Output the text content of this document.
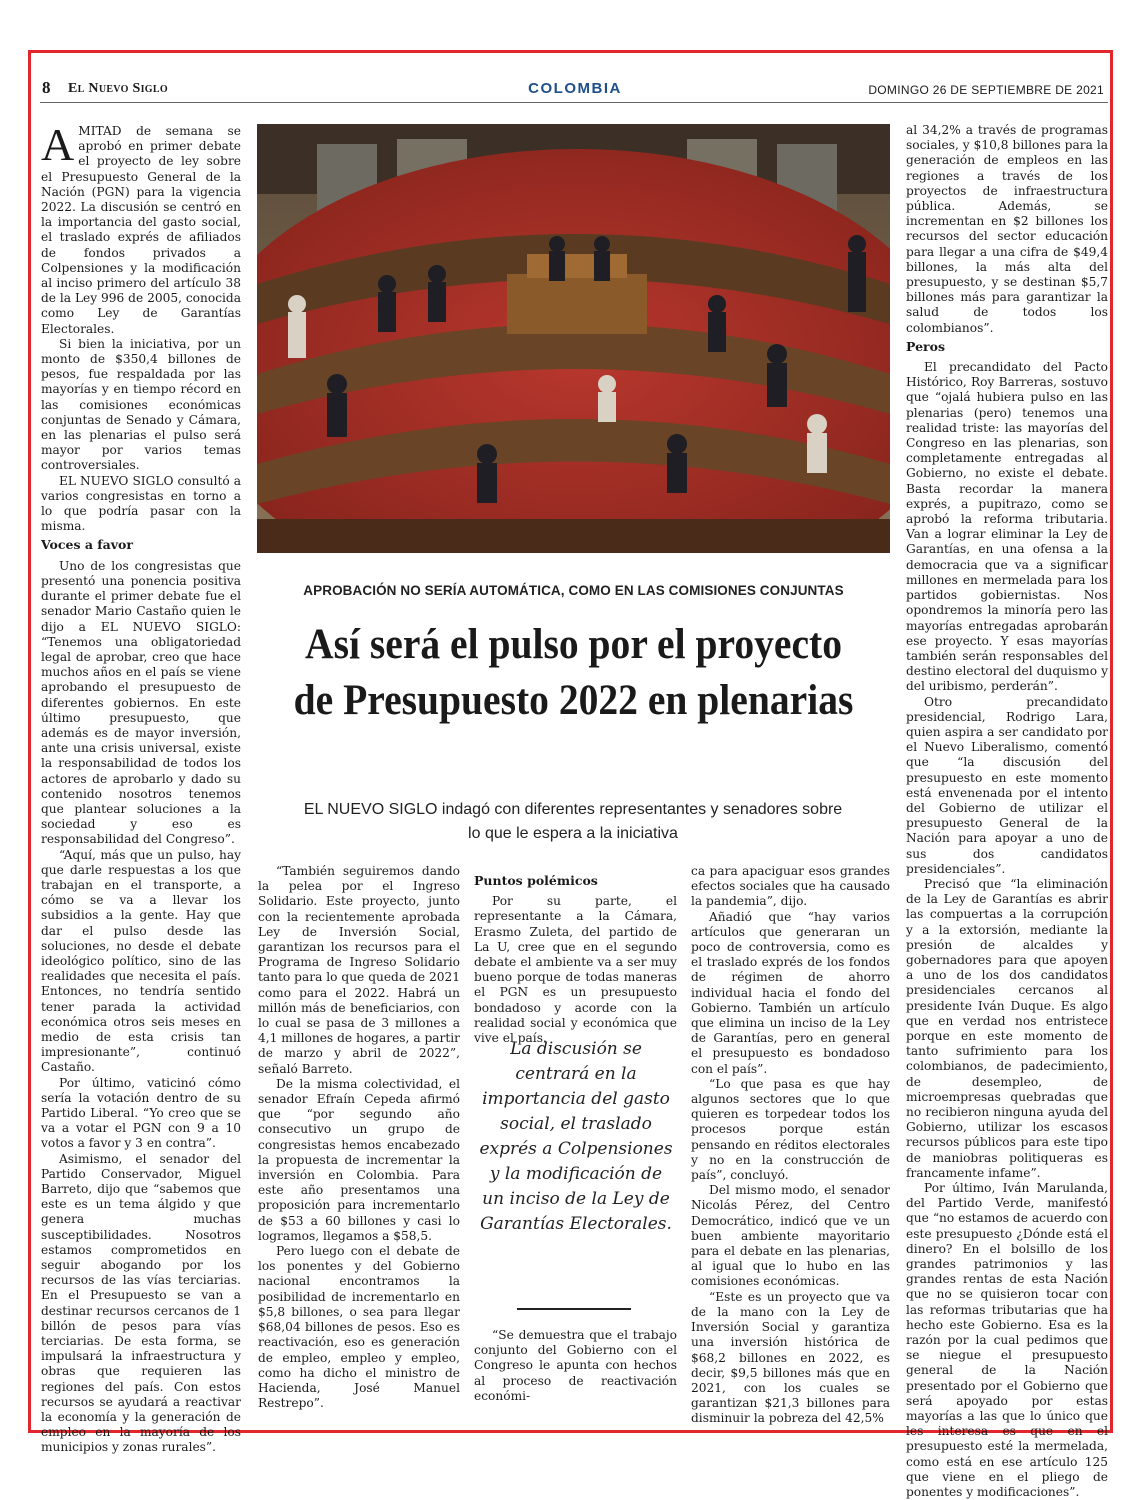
8 El Nuevo Siglo	COLOMBIA	DOMINGO 26 DE SEPTIEMBRE DE 2021

AMITAD de semana se aprobó en primer debate el proyecto de ley sobre el Presupuesto General de la Nación (PGN) para la vigencia 2022. La discusión se centró en la importancia del gasto social, el traslado exprés de afiliados de fondos privados a Colpensiones y la modificación al inciso primero del artículo 38 de la Ley 996 de 2005, conocida como Ley de Garantías Electorales.

Si bien la iniciativa, por un monto de $350,4 billones de pesos, fue respaldada por las mayorías y en tiempo récord en las comisiones económicas conjuntas de Senado y Cámara, en las plenarias el pulso será mayor por varios temas controversiales.

EL NUEVO SIGLO consultó a varios congresistas en torno a lo que podría pasar con la misma.

Voces a favor

Uno de los congresistas que presentó una ponencia positiva durante el primer debate fue el senador Mario Castaño quien le dijo a EL NUEVO SIGLO: “Tenemos una obligatoriedad legal de aprobar, creo que hace muchos años en el país se viene aprobando el presupuesto de diferentes gobiernos. En este último presupuesto, que además es de mayor inversión, ante una crisis universal, existe la responsabilidad de todos los actores de aprobarlo y dado su contenido nosotros tenemos que plantear soluciones a la sociedad y eso es responsabilidad del Congreso”.

“Aquí, más que un pulso, hay que darle respuestas a los que trabajan en el transporte, a cómo se va a llevar los subsidios a la gente. Hay que dar el pulso desde las soluciones, no desde el debate ideológico político, sino de las realidades que necesita el país. Entonces, no tendría sentido tener parada la actividad económica otros seis meses en medio de esta crisis tan impresionante”, continuó Castaño.

Por último, vaticinó cómo sería la votación dentro de su Partido Liberal. “Yo creo que se va a votar el PGN con 9 a 10 votos a favor y 3 en contra”.

Asimismo, el senador del Partido Conservador, Miguel Barreto, dijo que “sabemos que este es un tema álgido y que genera muchas susceptibilidades. Nosotros estamos comprometidos en seguir abogando por los recursos de las vías terciarias. En el Presupuesto se van a destinar recursos cercanos de 1 billón de pesos para vías terciarias. De esta forma, se impulsará la infraestructura y obras que requieren las regiones del país. Con estos recursos se ayudará a reactivar la economía y la generación de empleo en la mayoría de los municipios y zonas rurales”.

APROBACIÓN NO SERÍA AUTOMÁTICA, COMO EN LAS COMISIONES CONJUNTAS
Así será el pulso por el proyecto de Presupuesto 2022 en plenarias
EL NUEVO SIGLO indagó con diferentes representantes y senadores sobre lo que le espera a la iniciativa

“También seguiremos dando la pelea por el Ingreso Solidario. Este proyecto, junto con la recientemente aprobada Ley de Inversión Social, garantizan los recursos para el Programa de Ingreso Solidario tanto para lo que queda de 2021 como para el 2022. Habrá un millón más de beneficiarios, con lo cual se pasa de 3 millones a 4,1 millones de hogares, a partir de marzo y abril de 2022”, señaló Barreto.

De la misma colectividad, el senador Efraín Cepeda afirmó que “por segundo año consecutivo un grupo de congresistas hemos encabezado la propuesta de incrementar la inversión en Colombia. Para este año presentamos una proposición para incrementarlo de $53 a 60 billones y casi lo logramos, llegamos a $58,5.

Pero luego con el debate de los ponentes y del Gobierno nacional encontramos la posibilidad de incrementarlo en $5,8 billones, o sea para llegar $68,04 billones de pesos. Eso es reactivación, eso es generación de empleo, empleo y empleo, como ha dicho el ministro de Hacienda, José Manuel Restrepo”.

Puntos polémicos

Por su parte, el representante a la Cámara, Erasmo Zuleta, del partido de La U, cree que en el segundo debate el ambiente va a ser muy bueno porque de todas maneras el PGN es un presupuesto bondadoso y acorde con la realidad social y económica que vive el país.

La discusión se centrará en la importancia del gasto social, el traslado exprés a Colpensiones y la modificación de un inciso de la Ley de Garantías Electorales.

“Se demuestra que el trabajo conjunto del Gobierno con el Congreso le apunta con hechos al proceso de reactivación económi-

ca para apaciguar esos grandes efectos sociales que ha causado la pandemia”, dijo.

Añadió que “hay varios artículos que generaran un poco de controversia, como es el traslado exprés de los fondos de régimen de ahorro individual hacia el fondo del Gobierno. También un artículo que elimina un inciso de la Ley de Garantías, pero en general el presupuesto es bondadoso con el país”.

“Lo que pasa es que hay algunos sectores que lo que quieren es torpedear todos los procesos porque están pensando en réditos electorales y no en la construcción de país”, concluyó.

Del mismo modo, el senador Nicolás Pérez, del Centro Democrático, indicó que ve un buen ambiente mayoritario para el debate en las plenarias, al igual que lo hubo en las comisiones económicas.

“Este es un proyecto que va de la mano con la Ley de Inversión Social y garantiza una inversión histórica de $68,2 billones en 2022, es decir, $9,5 billones más que en 2021, con los cuales se garantizan $21,3 billones para disminuir la pobreza del 42,5%

al 34,2% a través de programas sociales, y $10,8 billones para la generación de empleos en las regiones a través de los proyectos de infraestructura pública. Además, se incrementan en $2 billones los recursos del sector educación para llegar a una cifra de $49,4 billones, la más alta del presupuesto, y se destinan $5,7 billones más para garantizar la salud de todos los colombianos”.

Peros

El precandidato del Pacto Histórico, Roy Barreras, sostuvo que “ojalá hubiera pulso en las plenarias (pero) tenemos una realidad triste: las mayorías del Congreso en las plenarias, son completamente entregadas al Gobierno, no existe el debate. Basta recordar la manera exprés, a pupitrazo, como se aprobó la reforma tributaria. Van a lograr eliminar la Ley de Garantías, en una ofensa a la democracia que va a significar millones en mermelada para los partidos gobiernistas. Nos opondremos la minoría pero las mayorías entregadas aprobarán ese proyecto. Y esas mayorías también serán responsables del destino electoral del duquismo y del uribismo, perderán”.

Otro precandidato presidencial, Rodrigo Lara, quien aspira a ser candidato por el Nuevo Liberalismo, comentó que “la discusión del presupuesto en este momento está envenenada por el intento del Gobierno de utilizar el presupuesto General de la Nación para apoyar a uno de sus dos candidatos presidenciales”.

Precisó que “la eliminación de la Ley de Garantías es abrir las compuertas a la corrupción y a la extorsión, mediante la presión de alcaldes y gobernadores para que apoyen a uno de los dos candidatos presidenciales cercanos al presidente Iván Duque. Es algo que en verdad nos entristece porque en este momento de tanto sufrimiento para los colombianos, de padecimiento, de desempleo, de microempresas quebradas que no recibieron ninguna ayuda del Gobierno, utilizar los escasos recursos públicos para este tipo de maniobras politiqueras es francamente infame”.

Por último, Iván Marulanda, del Partido Verde, manifestó que “no estamos de acuerdo con este presupuesto ¿Dónde está el dinero? En el bolsillo de los grandes patrimonios y las grandes rentas de esta Nación que no se quisieron tocar con las reformas tributarias que ha hecho este Gobierno. Esa es la razón por la cual pedimos que se niegue el presupuesto general de la Nación presentado por el Gobierno que será apoyado por estas mayorías a las que lo único que les interesa es que en el presupuesto esté la mermelada, como está en ese artículo 125 que viene en el pliego de ponentes y modificaciones”.
